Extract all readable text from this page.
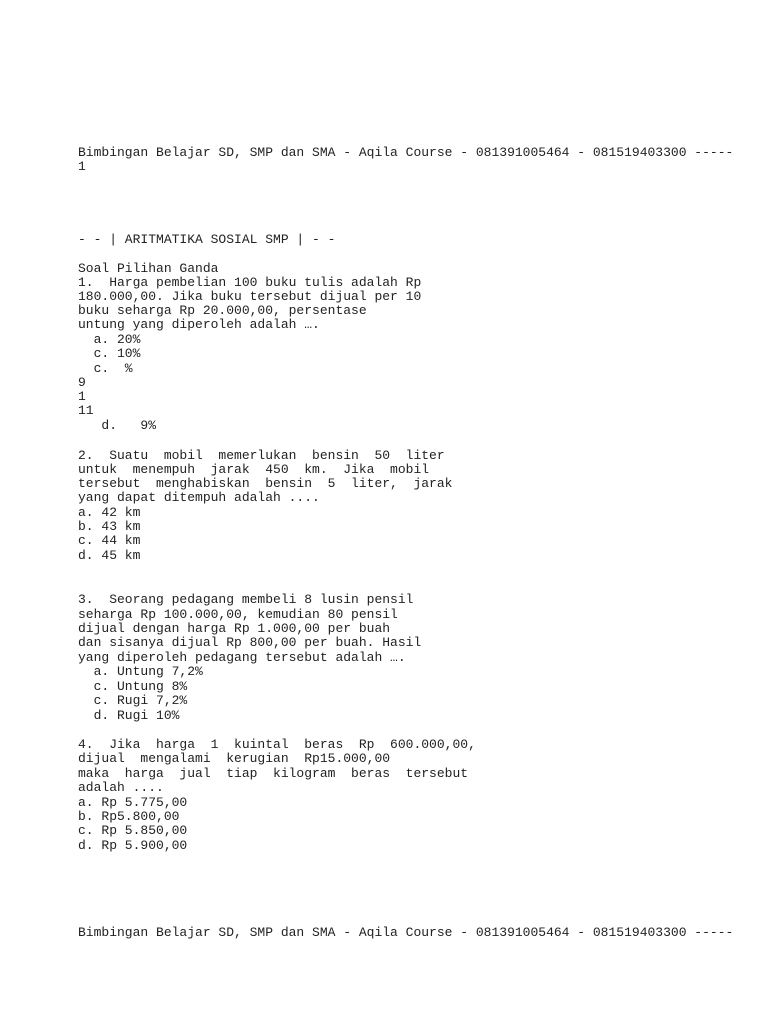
Bimbingan Belajar SD, SMP dan SMA - Aqila Course - 081391005464 - 081519403300 -----
1
- - | ARITMATIKA SOSIAL SMP | - -
Soal Pilihan Ganda
1.  Harga pembelian 100 buku tulis adalah Rp
180.000,00. Jika buku tersebut dijual per 10
buku seharga Rp 20.000,00, persentase
untung yang diperoleh adalah ….
a. 20%
c. 10%
c.  %
9
1
11
d.   9%
2.  Suatu  mobil  memerlukan  bensin  50  liter
untuk  menempuh  jarak  450  km.  Jika  mobil
tersebut  menghabiskan  bensin  5  liter,  jarak
yang dapat ditempuh adalah ....
a. 42 km
b. 43 km
c. 44 km
d. 45 km
3.  Seorang pedagang membeli 8 lusin pensil
seharga Rp 100.000,00, kemudian 80 pensil
dijual dengan harga Rp 1.000,00 per buah
dan sisanya dijual Rp 800,00 per buah. Hasil
yang diperoleh pedagang tersebut adalah ….
a. Untung 7,2%
c. Untung 8%
c. Rugi 7,2%
d. Rugi 10%
4.  Jika  harga  1  kuintal  beras  Rp  600.000,00,
dijual  mengalami  kerugian  Rp15.000,00
maka  harga  jual  tiap  kilogram  beras  tersebut
adalah ....
a. Rp 5.775,00
b. Rp5.800,00
c. Rp 5.850,00
d. Rp 5.900,00
Bimbingan Belajar SD, SMP dan SMA - Aqila Course - 081391005464 - 081519403300 -----
